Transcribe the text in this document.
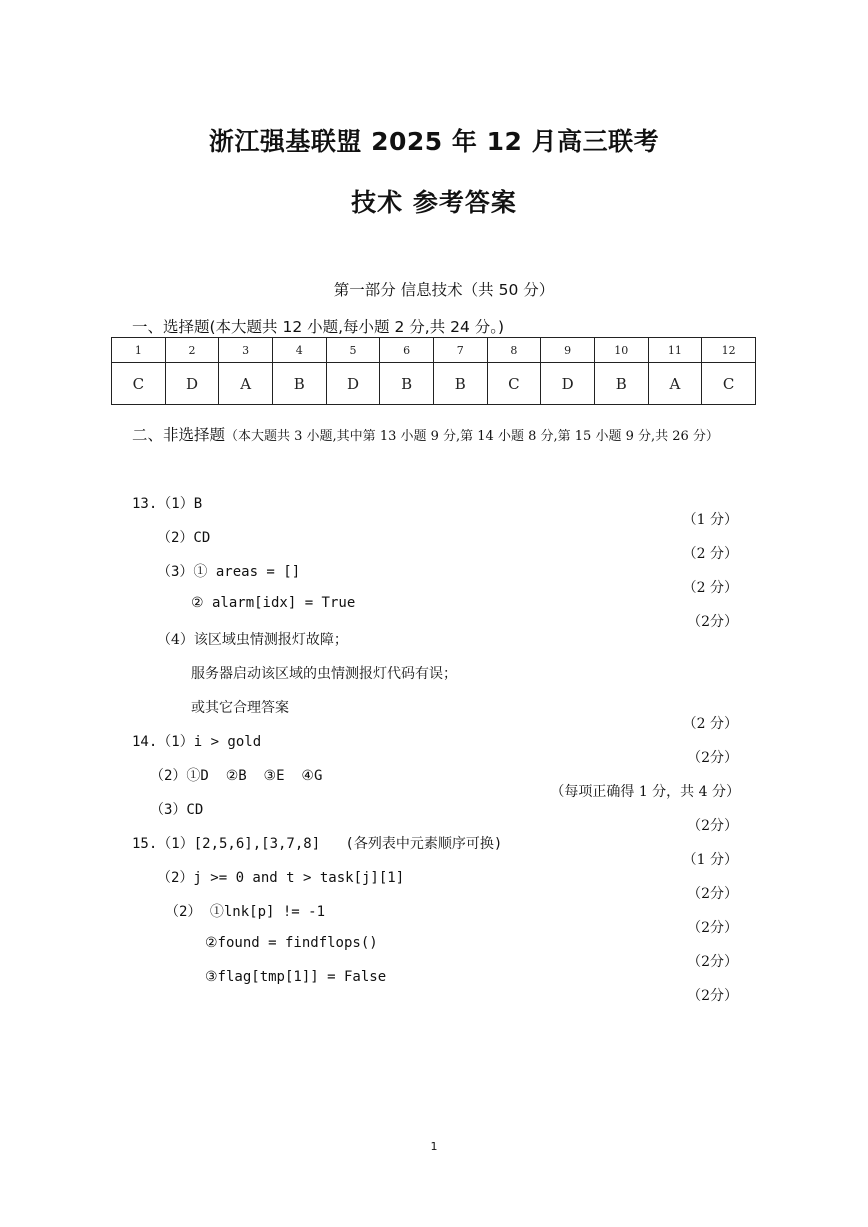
浙江强基联盟 2025 年 12 月高三联考
技术 参考答案
第一部分 信息技术（共 50 分）
一、选择题(本大题共 12 小题,每小题 2 分,共 24 分。)
1	2	3	4	5	6	7	8	9	10	11	12
C	D	A	B	D	B	B	C	D	B	A	C
二、非选择题（本大题共 3 小题,其中第 13 小题 9 分,第 14 小题 8 分,第 15 小题 9 分,共 26 分）

13.（1）B

（1 分）

（2）CD

（2 分）

（3）① areas = []

（2 分）

② alarm[idx] = True

（2分）

（4）该区域虫情测报灯故障；

服务器启动该区域的虫情测报灯代码有误；

或其它合理答案

（2 分）

14.（1）i > gold

（2分）

（2）①D  ②B  ③E  ④G

（每项正确得 1 分，共 4 分）

（3）CD

（2分）

15.（1）[2,5,6],[3,7,8]   (各列表中元素顺序可换)

（1 分）

（2）j >= 0 and t > task[j][1]

（2分）

（2） ①lnk[p] != -1

（2分）

②found = findflops()

（2分）

③flag[tmp[1]] = False

（2分）

1
